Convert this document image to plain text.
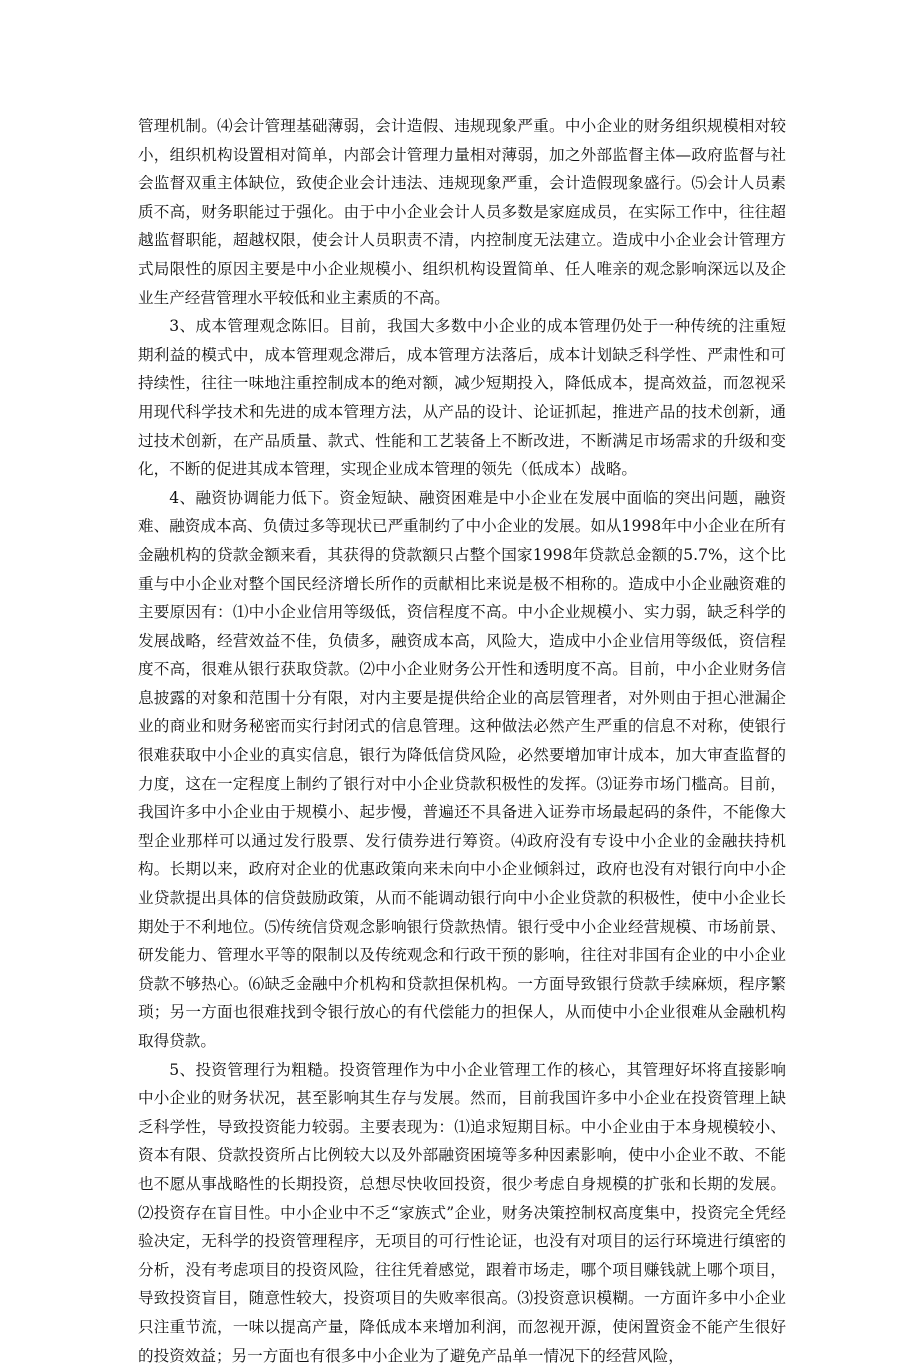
管理机制。⑷会计管理基础薄弱，会计造假、违规现象严重。中小企业的财务组织规模相对较小，组织机构设置相对简单，内部会计管理力量相对薄弱，加之外部监督主体—政府监督与社会监督双重主体缺位，致使企业会计违法、违规现象严重，会计造假现象盛行。⑸会计人员素质不高，财务职能过于强化。由于中小企业会计人员多数是家庭成员，在实际工作中，往往超越监督职能，超越权限，使会计人员职责不清，内控制度无法建立。造成中小企业会计管理方式局限性的原因主要是中小企业规模小、组织机构设置简单、任人唯亲的观念影响深远以及企业生产经营管理水平较低和业主素质的不高。

3、成本管理观念陈旧。目前，我国大多数中小企业的成本管理仍处于一种传统的注重短期利益的模式中，成本管理观念滞后，成本管理方法落后，成本计划缺乏科学性、严肃性和可持续性，往往一味地注重控制成本的绝对额，减少短期投入，降低成本，提高效益，而忽视采用现代科学技术和先进的成本管理方法，从产品的设计、论证抓起，推进产品的技术创新，通过技术创新，在产品质量、款式、性能和工艺装备上不断改进，不断满足市场需求的升级和变化，不断的促进其成本管理，实现企业成本管理的领先（低成本）战略。

4、融资协调能力低下。资金短缺、融资困难是中小企业在发展中面临的突出问题，融资难、融资成本高、负债过多等现状已严重制约了中小企业的发展。如从1998年中小企业在所有金融机构的贷款金额来看，其获得的贷款额只占整个国家1998年贷款总金额的5.7%，这个比重与中小企业对整个国民经济增长所作的贡献相比来说是极不相称的。造成中小企业融资难的主要原因有：⑴中小企业信用等级低，资信程度不高。中小企业规模小、实力弱，缺乏科学的发展战略，经营效益不佳，负债多，融资成本高，风险大，造成中小企业信用等级低，资信程度不高，很难从银行获取贷款。⑵中小企业财务公开性和透明度不高。目前，中小企业财务信息披露的对象和范围十分有限，对内主要是提供给企业的高层管理者，对外则由于担心泄漏企业的商业和财务秘密而实行封闭式的信息管理。这种做法必然产生严重的信息不对称，使银行很难获取中小企业的真实信息，银行为降低信贷风险，必然要增加审计成本，加大审查监督的力度，这在一定程度上制约了银行对中小企业贷款积极性的发挥。⑶证券市场门槛高。目前，我国许多中小企业由于规模小、起步慢，普遍还不具备进入证券市场最起码的条件，不能像大型企业那样可以通过发行股票、发行债券进行筹资。⑷政府没有专设中小企业的金融扶持机构。长期以来，政府对企业的优惠政策向来未向中小企业倾斜过，政府也没有对银行向中小企业贷款提出具体的信贷鼓励政策，从而不能调动银行向中小企业贷款的积极性，使中小企业长期处于不利地位。⑸传统信贷观念影响银行贷款热情。银行受中小企业经营规模、市场前景、研发能力、管理水平等的限制以及传统观念和行政干预的影响，往往对非国有企业的中小企业贷款不够热心。⑹缺乏金融中介机构和贷款担保机构。一方面导致银行贷款手续麻烦，程序繁琐；另一方面也很难找到令银行放心的有代偿能力的担保人，从而使中小企业很难从金融机构取得贷款。

5、投资管理行为粗糙。投资管理作为中小企业管理工作的核心，其管理好坏将直接影响中小企业的财务状况，甚至影响其生存与发展。然而，目前我国许多中小企业在投资管理上缺乏科学性，导致投资能力较弱。主要表现为：⑴追求短期目标。中小企业由于本身规模较小、资本有限、贷款投资所占比例较大以及外部融资困境等多种因素影响，使中小企业不敢、不能也不愿从事战略性的长期投资，总想尽快收回投资，很少考虑自身规模的扩张和长期的发展。⑵投资存在盲目性。中小企业中不乏“家族式”企业，财务决策控制权高度集中，投资完全凭经验决定，无科学的投资管理程序，无项目的可行性论证，也没有对项目的运行环境进行缜密的分析，没有考虑项目的投资风险，往往凭着感觉，跟着市场走，哪个项目赚钱就上哪个项目，导致投资盲目，随意性较大，投资项目的失败率很高。⑶投资意识模糊。一方面许多中小企业只注重节流，一味以提高产量，降低成本来增加利润，而忽视开源，使闲置资金不能产生很好的投资效益；另一方面也有很多中小企业为了避免产品单一情况下的经营风险，
